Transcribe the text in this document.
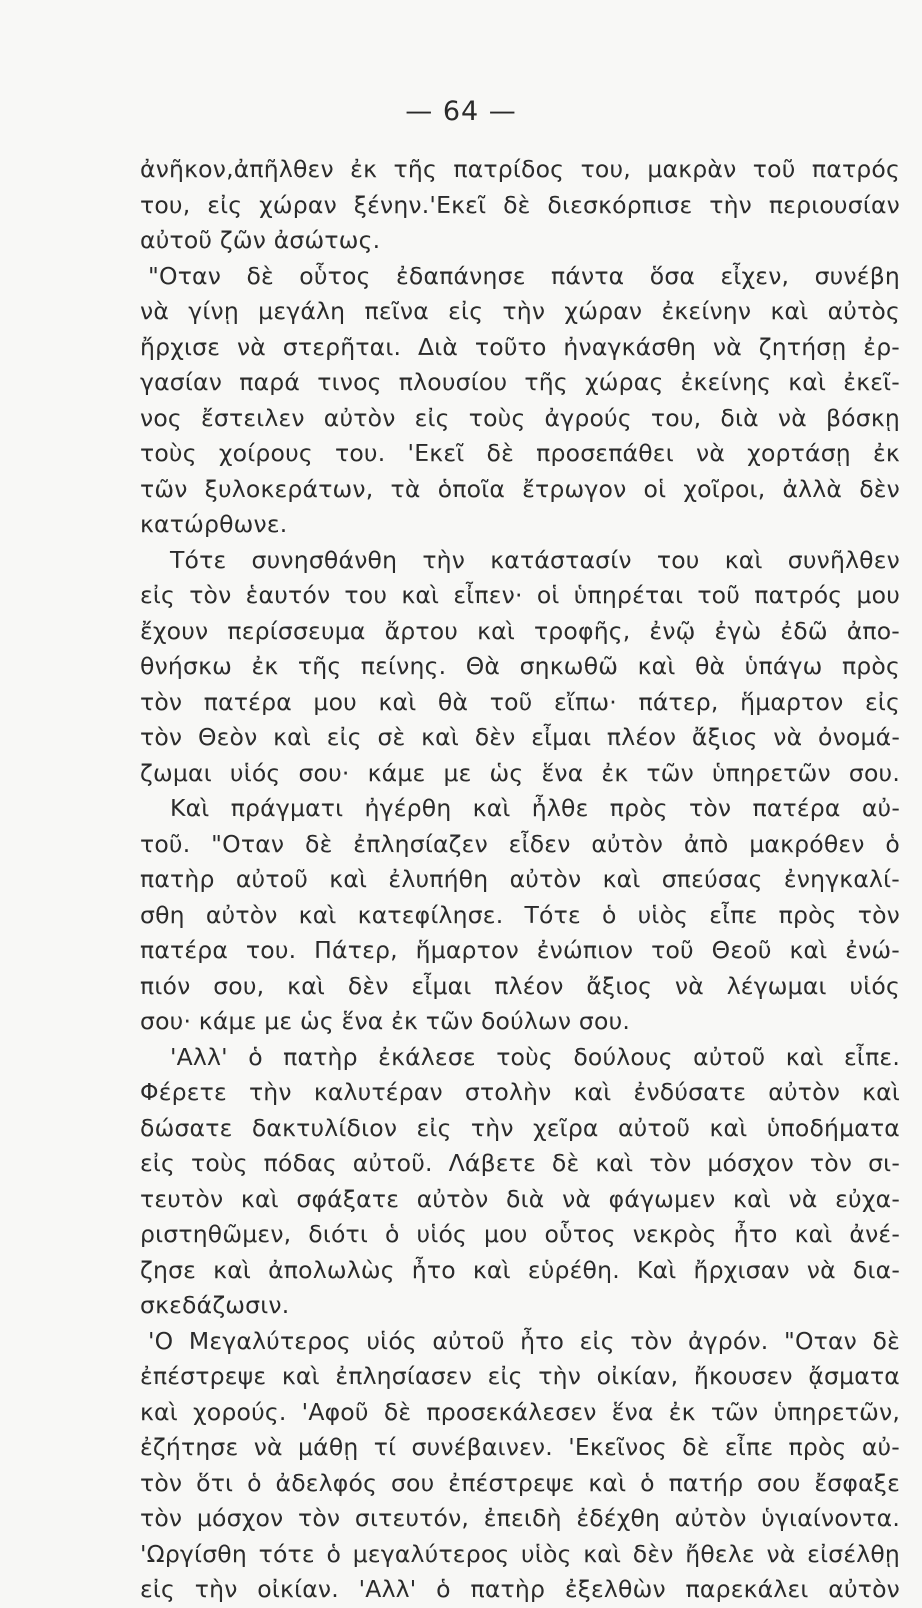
— 64 —
ἀνῆκον,ἀπῆλθεν ἐκ τῆς πατρίδος του, μακρὰν τοῦ πατρός
του, εἰς χώραν ξένην.'Εκεῖ δὲ διεσκόρπισε τὴν περιουσίαν
αὐτοῦ ζῶν ἀσώτως.
"Οταν δὲ οὗτος ἐδαπάνησε πάντα ὅσα εἶχεν, συνέβη
νὰ γίνῃ μεγάλη πεῖνα εἰς τὴν χώραν ἐκείνην καὶ αὐτὸς
ἤρχισε νὰ στερῆται. Διὰ τοῦτο ἠναγκάσθη νὰ ζητήσῃ ἐρ-
γασίαν παρά τινος πλουσίου τῆς χώρας ἐκείνης καὶ ἐκεῖ-
νος ἔστειλεν αὐτὸν εἰς τοὺς ἀγρούς του, διὰ νὰ βόσκῃ
τοὺς χοίρους του. 'Εκεῖ δὲ προσεπάθει νὰ χορτάσῃ ἐκ
τῶν ξυλοκεράτων, τὰ ὁποῖα ἔτρωγον οἱ χοῖροι, ἀλλὰ δὲν
κατώρθωνε.
Τότε συνησθάνθη τὴν κατάστασίν του καὶ συνῆλθεν
εἰς τὸν ἑαυτόν του καὶ εἶπεν· οἱ ὑπηρέται τοῦ πατρός μου
ἔχουν περίσσευμα ἄρτου καὶ τροφῆς, ἐνῷ ἐγὼ ἐδῶ ἀπο-
θνήσκω ἐκ τῆς πείνης. Θὰ σηκωθῶ καὶ θὰ ὑπάγω πρὸς
τὸν πατέρα μου καὶ θὰ τοῦ εἴπω· πάτερ, ἥμαρτον εἰς
τὸν Θεὸν καὶ εἰς σὲ καὶ δὲν εἶμαι πλέον ἄξιος νὰ ὀνομά-
ζωμαι υἱός σου· κάμε με ὡς ἕνα ἐκ τῶν ὑπηρετῶν σου.
Καὶ πράγματι ἠγέρθη καὶ ἦλθε πρὸς τὸν πατέρα αὐ-
τοῦ. "Οταν δὲ ἐπλησίαζεν εἶδεν αὐτὸν ἀπὸ μακρόθεν ὁ
πατὴρ αὐτοῦ καὶ ἐλυπήθη αὐτὸν καὶ σπεύσας ἐνηγκαλί-
σθη αὐτὸν καὶ κατεφίλησε. Τότε ὁ υἱὸς εἶπε πρὸς τὸν
πατέρα του. Πάτερ, ἥμαρτον ἐνώπιον τοῦ Θεοῦ καὶ ἐνώ-
πιόν σου, καὶ δὲν εἶμαι πλέον ἄξιος νὰ λέγωμαι υἱός
σου· κάμε με ὡς ἕνα ἐκ τῶν δούλων σου.
'Αλλ' ὁ πατὴρ ἐκάλεσε τοὺς δούλους αὐτοῦ καὶ εἶπε.
Φέρετε τὴν καλυτέραν στολὴν καὶ ἐνδύσατε αὐτὸν καὶ
δώσατε δακτυλίδιον εἰς τὴν χεῖρα αὐτοῦ καὶ ὑποδήματα
εἰς τοὺς πόδας αὐτοῦ. Λάβετε δὲ καὶ τὸν μόσχον τὸν σι-
τευτὸν καὶ σφάξατε αὐτὸν διὰ νὰ φάγωμεν καὶ νὰ εὐχα-
ριστηθῶμεν, διότι ὁ υἱός μου οὗτος νεκρὸς ἦτο καὶ ἀνέ-
ζησε καὶ ἀπολωλὼς ἦτο καὶ εὑρέθη. Καὶ ἤρχισαν νὰ δια-
σκεδάζωσιν.
'Ο Μεγαλύτερος υἱός αὐτοῦ ἦτο εἰς τὸν ἀγρόν. "Οταν δὲ
ἐπέστρεψε καὶ ἐπλησίασεν εἰς τὴν οἰκίαν, ἤκουσεν ᾄσματα
καὶ χορούς. 'Αφοῦ δὲ προσεκάλεσεν ἕνα ἐκ τῶν ὑπηρετῶν,
ἐζήτησε νὰ μάθῃ τί συνέβαινεν. 'Εκεῖνος δὲ εἶπε πρὸς αὐ-
τὸν ὅτι ὁ ἀδελφός σου ἐπέστρεψε καὶ ὁ πατήρ σου ἔσφαξε
τὸν μόσχον τὸν σιτευτόν, ἐπειδὴ ἐδέχθη αὐτὸν ὑγιαίνοντα.
'Ωργίσθη τότε ὁ μεγαλύτερος υἱὸς καὶ δὲν ἤθελε νὰ εἰσέλθῃ
εἰς τὴν οἰκίαν. 'Αλλ' ὁ πατὴρ ἐξελθὼν παρεκάλει αὐτὸν
